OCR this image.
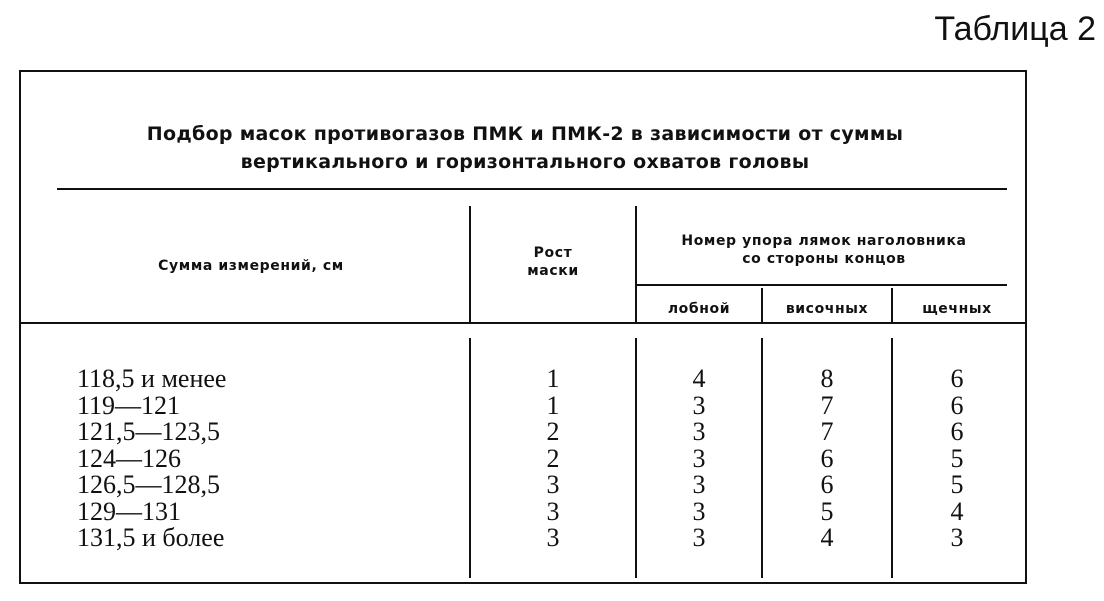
Таблица 2
Подбор масок противогазов ПМК и ПМК-2 в зависимости от суммы
вертикального и горизонтального охватов головы
Сумма измерений, см
Рост
маски
Номер упора лямок наголовника
со стороны концов
лобной	височных	щечных
118,5 и менее
119—121
121,5—123,5
124—126
126,5—128,5
129—131
131,5 и более
1
1
2
2
3
3
3
4
3
3
3
3
3
3
8
7
7
6
6
5
4
6
6
6
5
5
4
3
